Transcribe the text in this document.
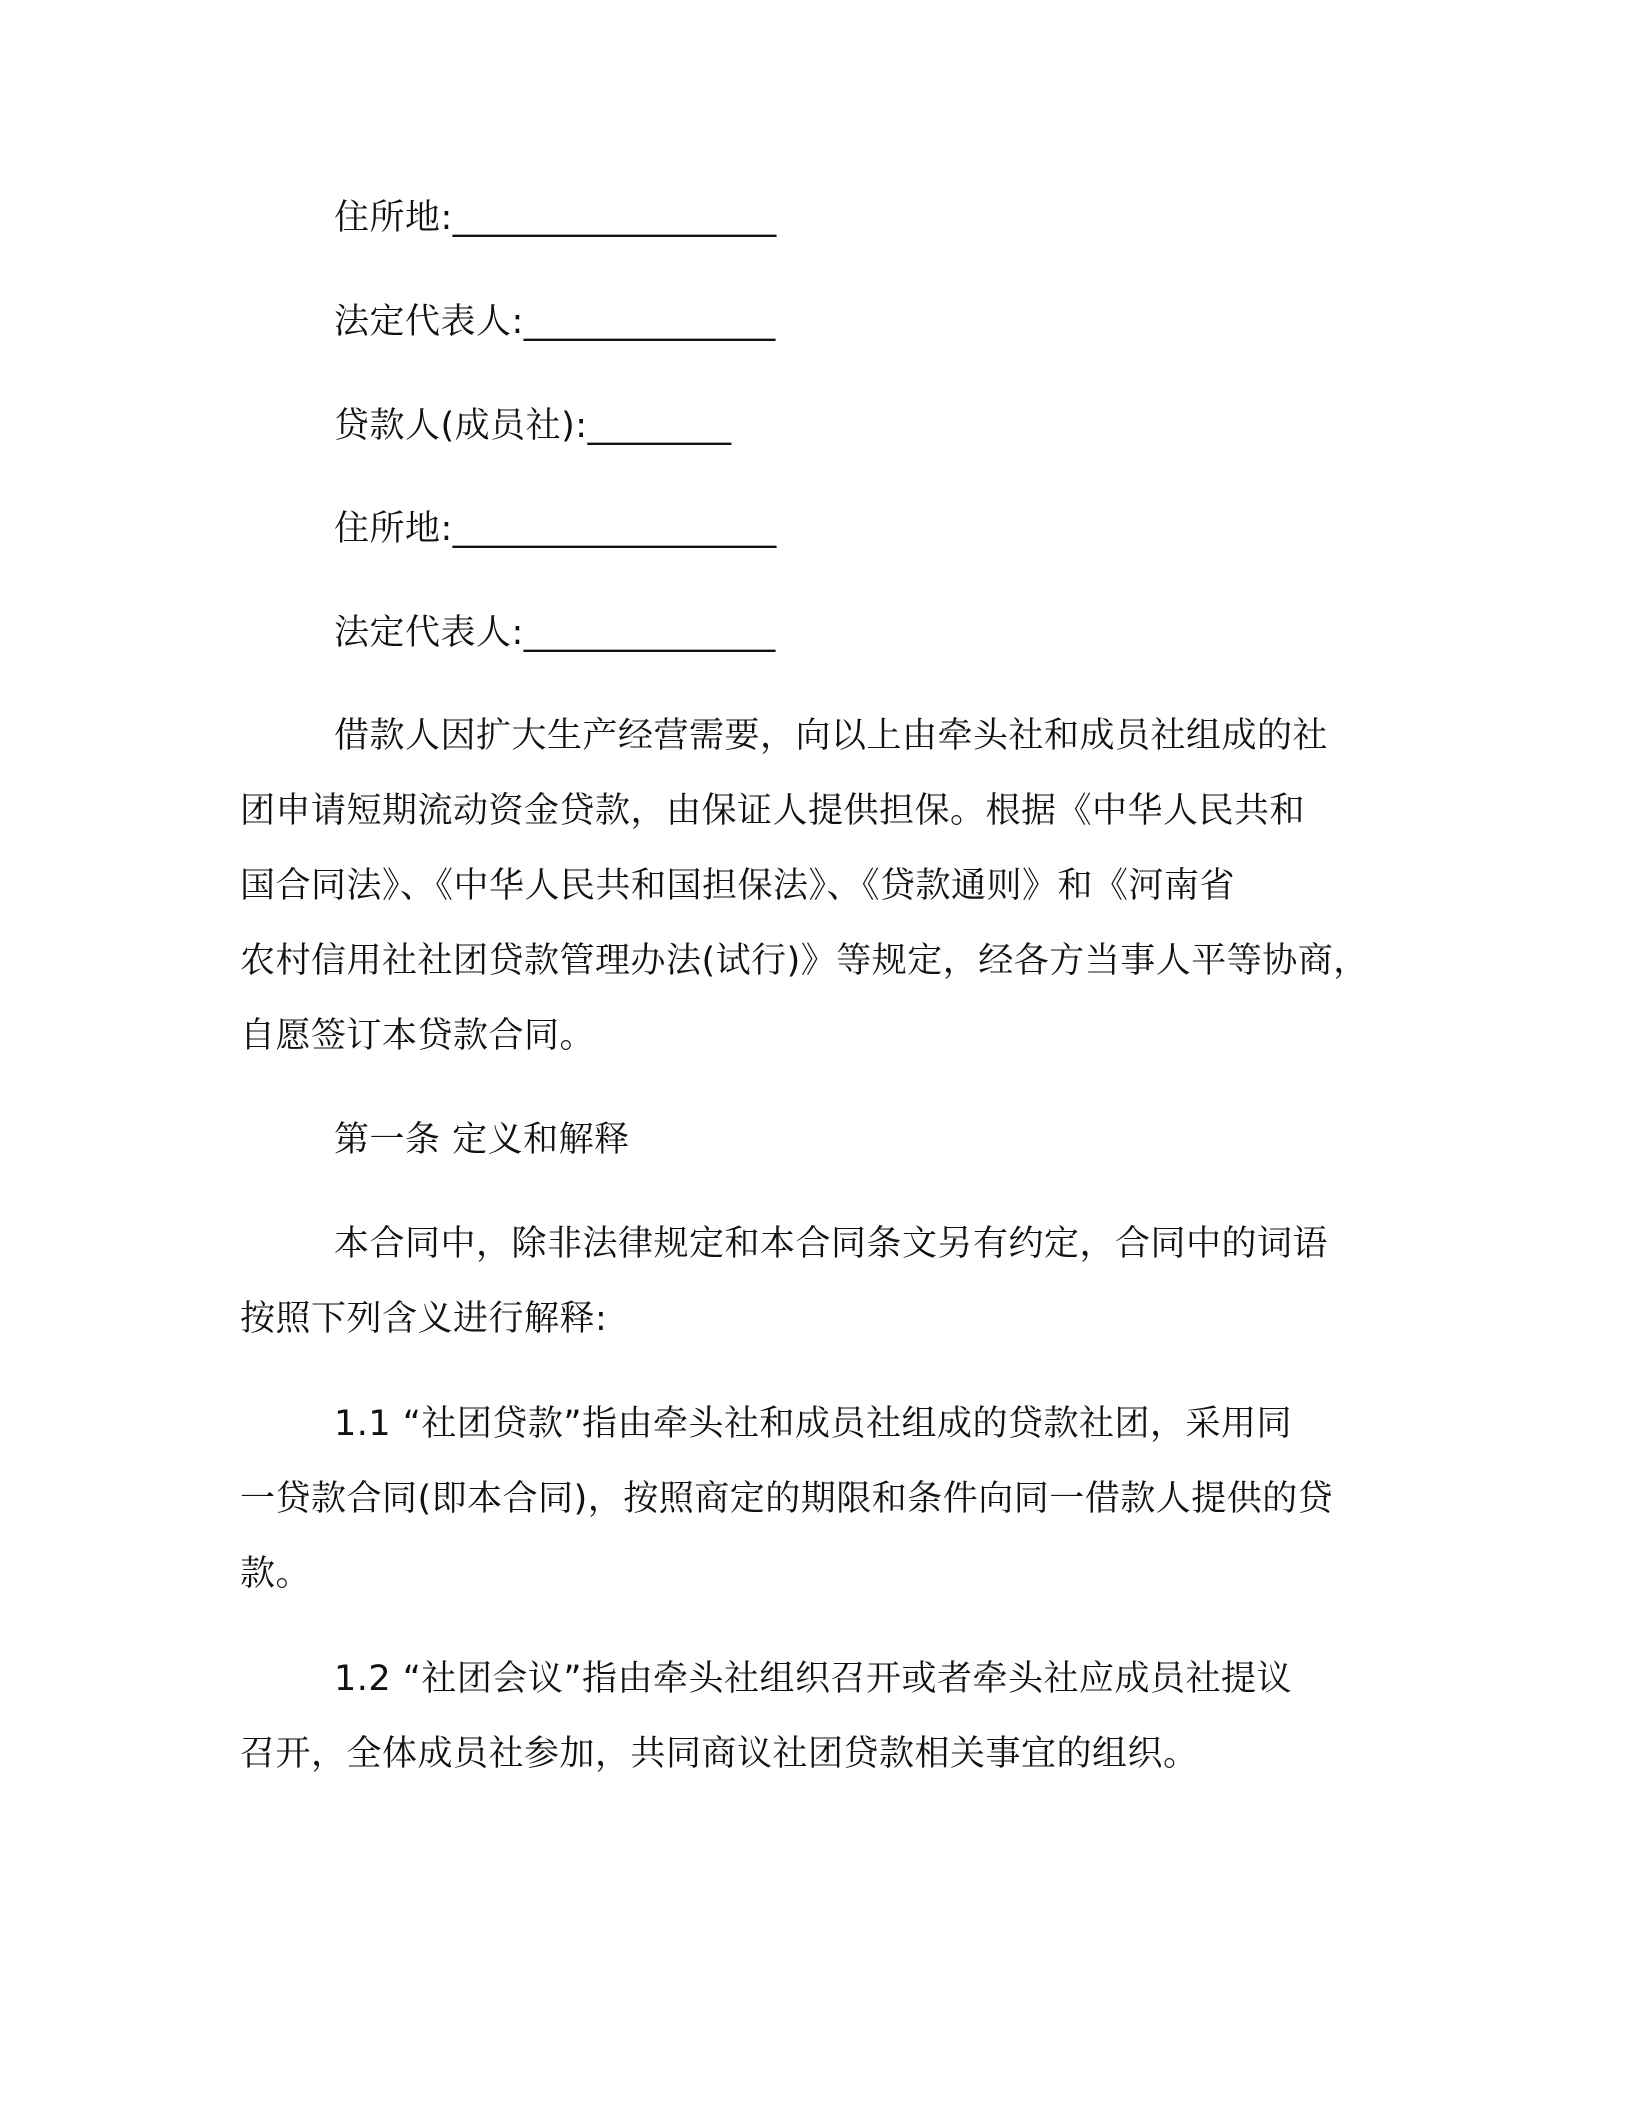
住所地:__________________
法定代表人:______________
贷款人(成员社):________
住所地:__________________
法定代表人:______________
借款人因扩大生产经营需要，向以上由牵头社和成员社组成的社
团申请短期流动资金贷款，由保证人提供担保。根据《中华人民共和
国合同法》、《中华人民共和国担保法》、《贷款通则》和《河南省
农村信用社社团贷款管理办法(试行)》等规定，经各方当事人平等协商，
自愿签订本贷款合同。
第一条 定义和解释
本合同中，除非法律规定和本合同条文另有约定，合同中的词语
按照下列含义进行解释:
1.1 “社团贷款”指由牵头社和成员社组成的贷款社团，采用同
一贷款合同(即本合同)，按照商定的期限和条件向同一借款人提供的贷
款。
1.2 “社团会议”指由牵头社组织召开或者牵头社应成员社提议
召开，全体成员社参加，共同商议社团贷款相关事宜的组织。
